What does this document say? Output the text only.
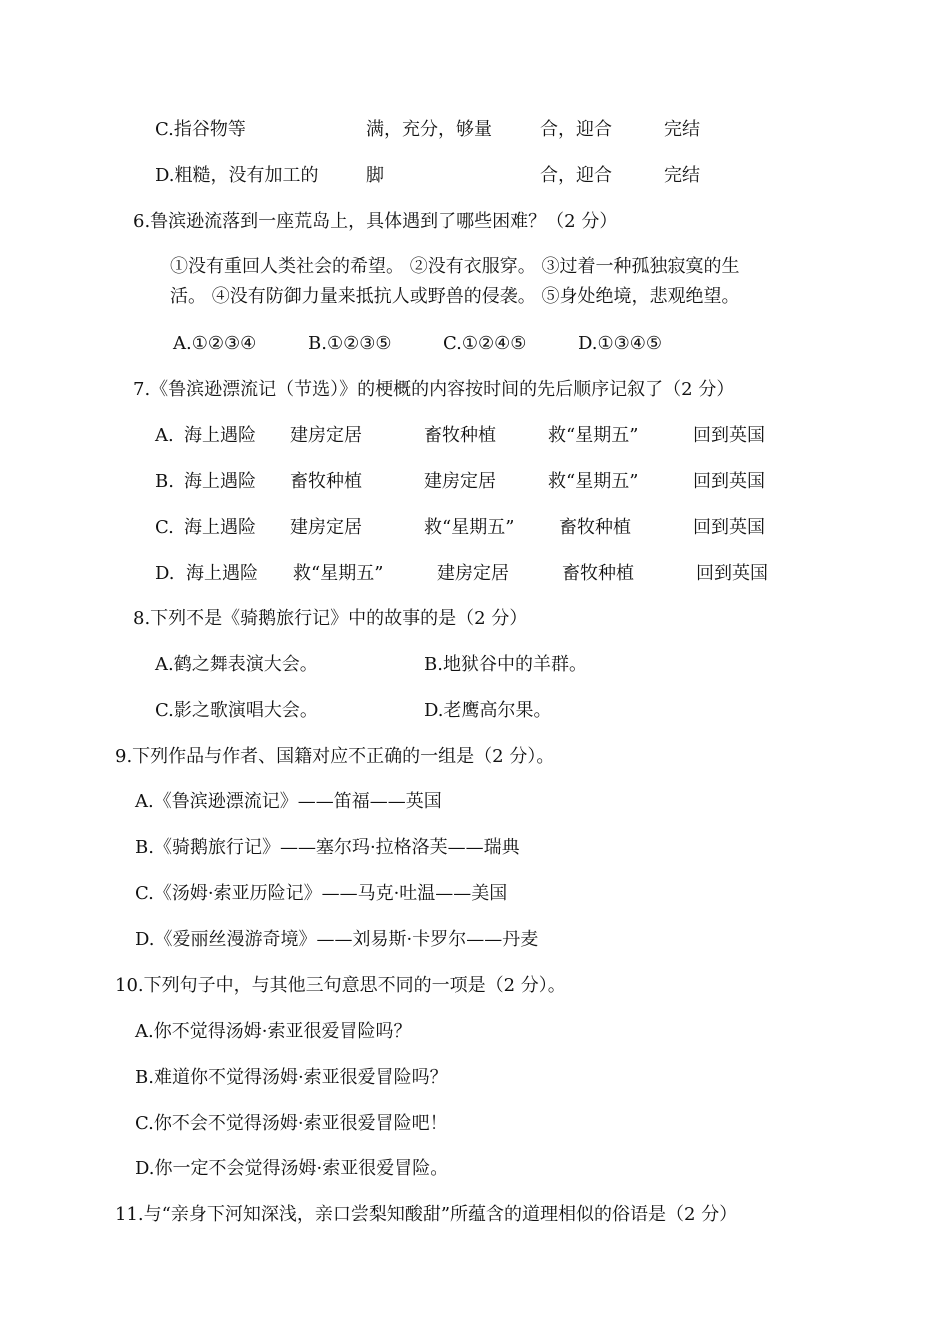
C.指谷物等	满，充分，够量	合，迎合	完结
D.粗糙，没有加工的	脚	合，迎合	完结
6.鲁滨逊流落到一座荒岛上，具体遇到了哪些困难？（2 分）
①没有重回人类社会的希望。 ②没有衣服穿。 ③过着一种孤独寂寞的生
活。 ④没有防御力量来抵抗人或野兽的侵袭。 ⑤身处绝境，悲观绝望。
A.①②③④	B.①②③⑤	C.①②④⑤	D.①③④⑤
7.《鲁滨逊漂流记（节选）》的梗概的内容按时间的先后顺序记叙了（2 分）
A. 海上遇险 建房定居	畜牧种植	救“星期五”	回到英国
B. 海上遇险 畜牧种植	建房定居	救“星期五”	回到英国
C. 海上遇险 建房定居	救“星期五” 畜牧种植	回到英国
D. 海上遇险 救“星期五”	建房定居	畜牧种植	回到英国
8.下列不是《骑鹅旅行记》中的故事的是（2 分）
A.鹤之舞表演大会。	B.地狱谷中的羊群。
C.影之歌演唱大会。	D.老鹰高尔果。
9.下列作品与作者、国籍对应不正确的一组是（2 分）。
A.《鲁滨逊漂流记》——笛福——英国
B.《骑鹅旅行记》——塞尔玛·拉格洛芙——瑞典
C.《汤姆·索亚历险记》——马克·吐温——美国
D.《爱丽丝漫游奇境》——刘易斯·卡罗尔——丹麦
10.下列句子中，与其他三句意思不同的一项是（2 分）。
A.你不觉得汤姆·索亚很爱冒险吗？
B.难道你不觉得汤姆·索亚很爱冒险吗？
C.你不会不觉得汤姆·索亚很爱冒险吧！
D.你一定不会觉得汤姆·索亚很爱冒险。
11.与“亲身下河知深浅，亲口尝梨知酸甜”所蕴含的道理相似的俗语是（2 分）
